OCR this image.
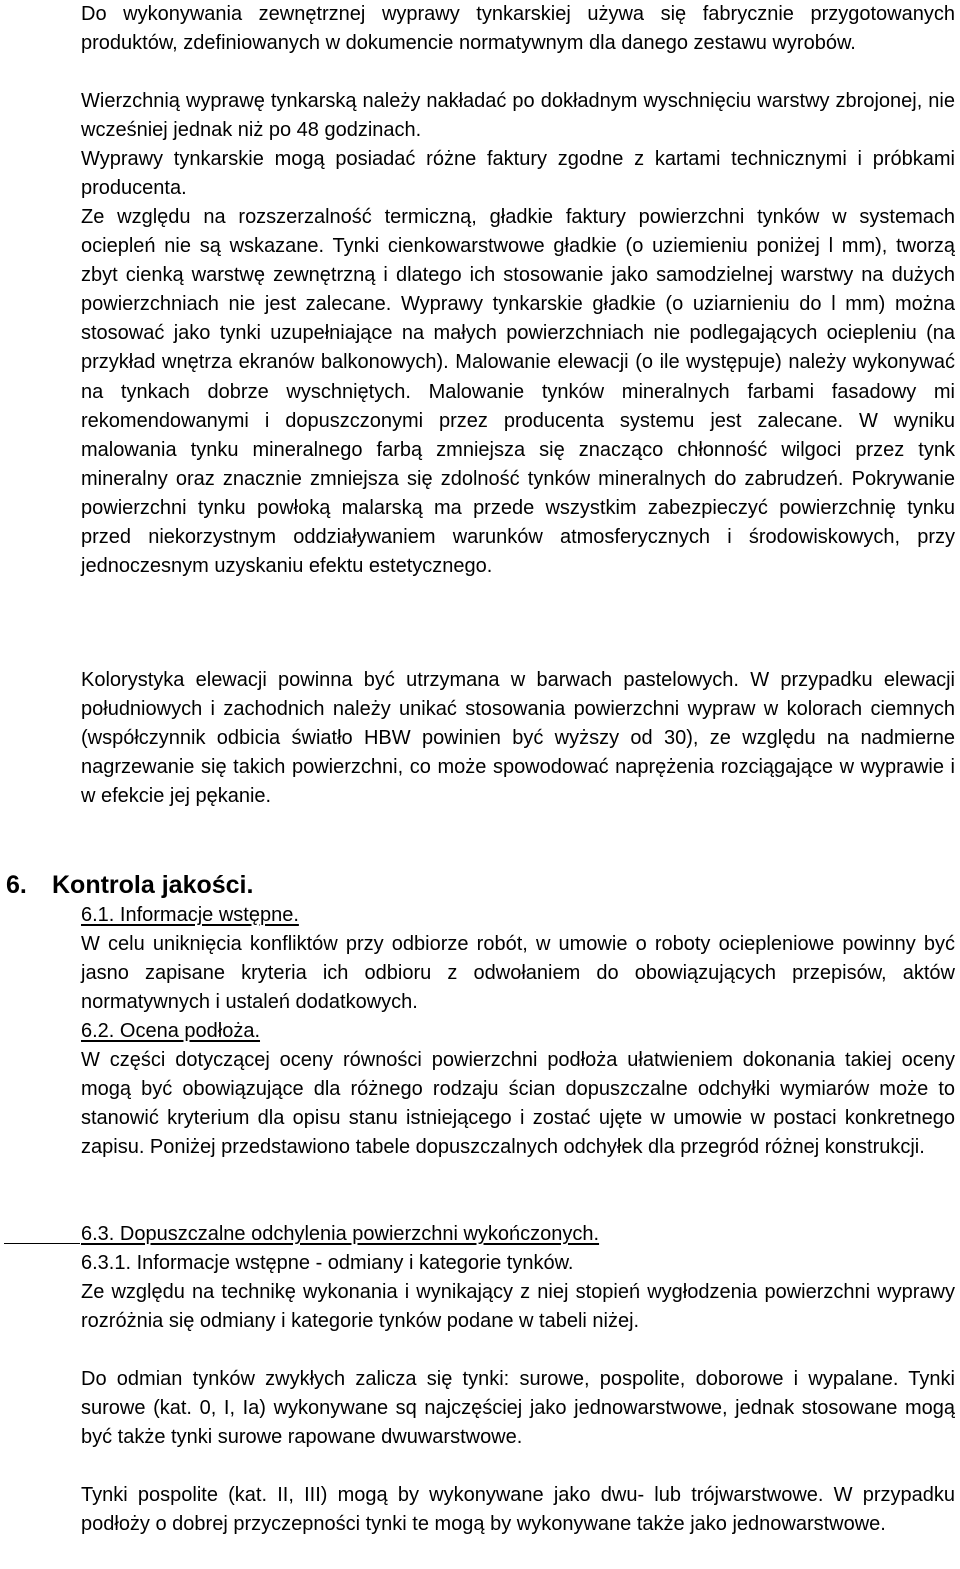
Do wykonywania zewnętrznej wyprawy tynkarskiej używa się fabrycznie przygotowanych produktów, zdefiniowanych w dokumencie normatywnym dla danego zestawu wyrobów.

Wierzchnią wyprawę tynkarską należy nakładać po dokładnym wyschnięciu warstwy zbrojonej, nie wcześniej jednak niż po 48 godzinach.

Wyprawy tynkarskie mogą posiadać różne faktury zgodne z kartami technicznymi i próbkami producenta.

Ze względu na rozszerzalność termiczną, gładkie faktury powierzchni tynków w systemach ociepleń nie są wskazane. Tynki cienkowarstwowe gładkie (o uziemieniu poniżej l mm), tworzą zbyt cienką warstwę zewnętrzną i dlatego ich stosowanie jako samodzielnej warstwy na dużych powierzchniach nie jest zalecane. Wyprawy tynkarskie gładkie (o uziarnieniu do l mm) można stosować jako tynki uzupełniające na małych powierzchniach nie podlegających ociepleniu (na przykład wnętrza ekranów balkonowych). Malowanie elewacji (o ile występuje) należy wykonywać na tynkach dobrze wyschniętych. Malowanie tynków mineralnych farbami fasadowy mi rekomendowanymi i dopuszczonymi przez producenta systemu jest zalecane. W wyniku malowania tynku mineralnego farbą zmniejsza się znacząco chłonność wilgoci przez tynk mineralny oraz znacznie zmniejsza się zdolność tynków mineralnych do zabrudzeń. Pokrywanie powierzchni tynku powłoką malarską ma przede wszystkim zabezpieczyć powierzchnię tynku przed niekorzystnym oddziaływaniem warunków atmosferycznych i środowiskowych, przy jednoczesnym uzyskaniu efektu estetycznego.

Kolorystyka elewacji powinna być utrzymana w barwach pastelowych. W przypadku elewacji południowych i zachodnich należy unikać stosowania powierzchni wypraw w kolorach ciemnych (współczynnik odbicia światło HBW powinien być wyższy od 30), ze względu na nadmierne nagrzewanie się takich powierzchni, co może spowodować naprężenia rozciągające w wyprawie i w efekcie jej pękanie.

6. Kontrola jakości.

6.1. Informacje wstępne.

W celu uniknięcia konfliktów przy odbiorze robót, w umowie o roboty ociepleniowe powinny być jasno zapisane kryteria ich odbioru z odwołaniem do obowiązujących przepisów, aktów normatywnych i ustaleń dodatkowych.

6.2. Ocena podłoża.

W części dotyczącej oceny równości powierzchni podłoża ułatwieniem dokonania takiej oceny mogą być obowiązujące dla różnego rodzaju ścian dopuszczalne odchyłki wymiarów może to stanowić kryterium dla opisu stanu istniejącego i zostać ujęte w umowie w postaci konkretnego zapisu. Poniżej przedstawiono tabele dopuszczalnych odchyłek dla przegród różnej konstrukcji.

6.3. Dopuszczalne odchylenia powierzchni wykończonych.

6.3.1. Informacje wstępne - odmiany i kategorie tynków.

Ze względu na technikę wykonania i wynikający z niej stopień wygłodzenia powierzchni wyprawy rozróżnia się odmiany i kategorie tynków podane w tabeli niżej.

Do odmian tynków zwykłych zalicza się tynki: surowe, pospolite, doborowe i wypalane. Tynki surowe (kat. 0, I, Ia) wykonywane sq najczęściej jako jednowarstwowe, jednak stosowane mogą być także tynki surowe rapowane dwuwarstwowe.

Tynki pospolite (kat. II, III) mogą by wykonywane jako dwu- lub trójwarstwowe. W przypadku podłoży o dobrej przyczepności tynki te mogą by wykonywane także jako jednowarstwowe.
